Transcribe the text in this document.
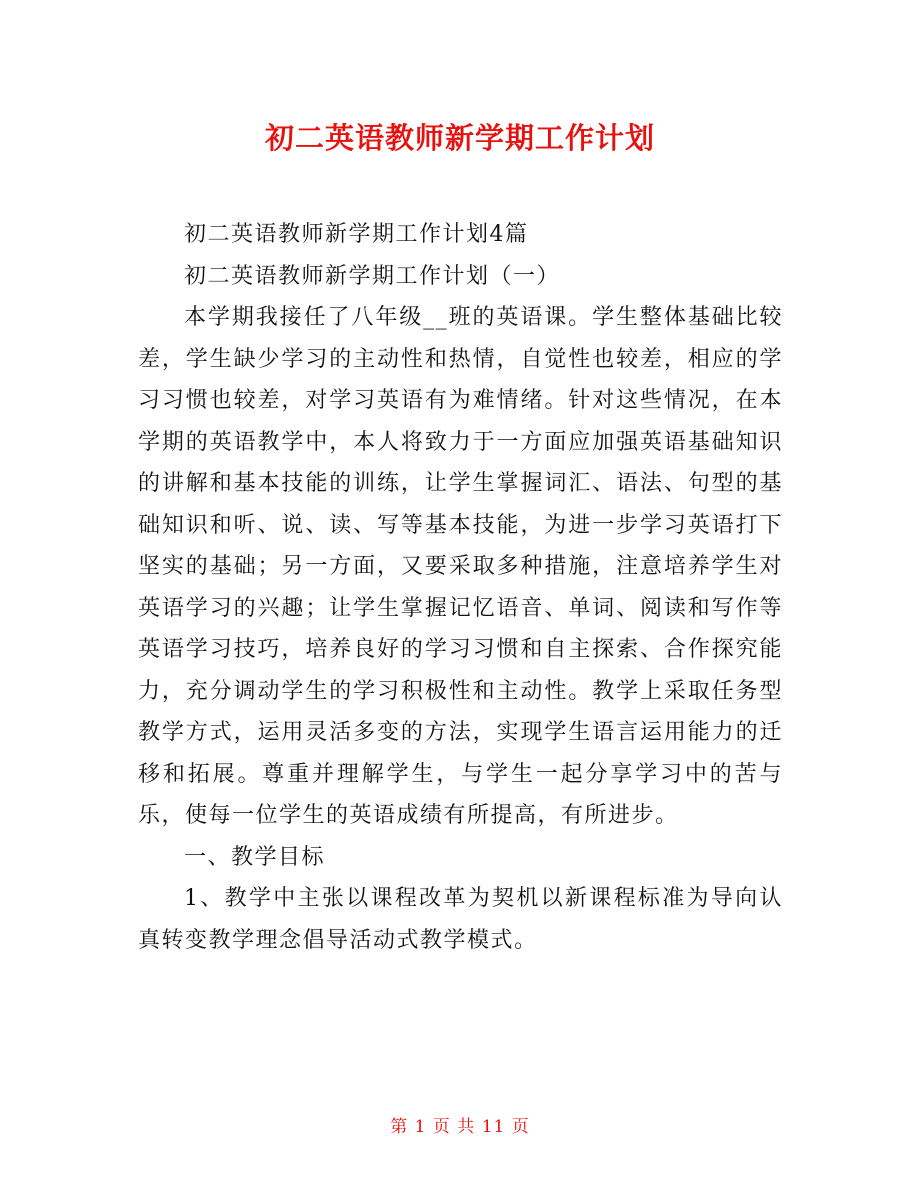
初二英语教师新学期工作计划

初二英语教师新学期工作计划4篇

初二英语教师新学期工作计划（一）

本学期我接任了八年级__班的英语课。学生整体基础比较差，学生缺少学习的主动性和热情，自觉性也较差，相应的学习习惯也较差，对学习英语有为难情绪。针对这些情况，在本学期的英语教学中，本人将致力于一方面应加强英语基础知识的讲解和基本技能的训练，让学生掌握词汇、语法、句型的基础知识和听、说、读、写等基本技能，为进一步学习英语打下坚实的基础；另一方面，又要采取多种措施，注意培养学生对英语学习的兴趣；让学生掌握记忆语音、单词、阅读和写作等英语学习技巧，培养良好的学习习惯和自主探索、合作探究能力，充分调动学生的学习积极性和主动性。教学上采取任务型教学方式，运用灵活多变的方法，实现学生语言运用能力的迁移和拓展。尊重并理解学生，与学生一起分享学习中的苦与乐，使每一位学生的英语成绩有所提高，有所进步。

一、教学目标

1、教学中主张以课程改革为契机以新课程标准为导向认真转变教学理念倡导活动式教学模式。

第 1 页 共 11 页
